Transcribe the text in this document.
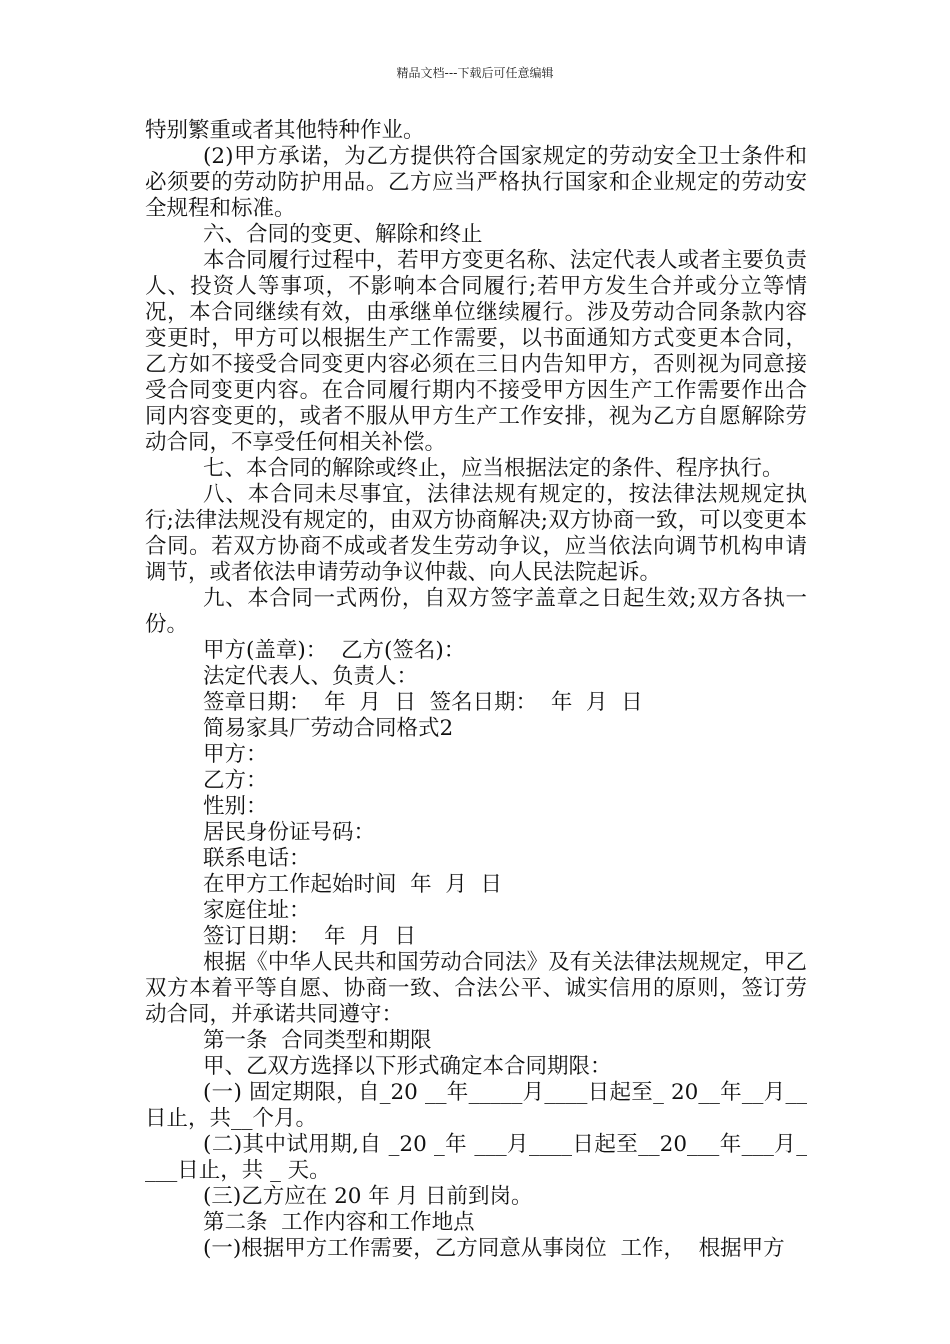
精品文档---下载后可任意编辑

特别繁重或者其他特种作业。

(2)甲方承诺，为乙方提供符合国家规定的劳动安全卫士条件和必须要的劳动防护用品。乙方应当严格执行国家和企业规定的劳动安全规程和标准。

六、合同的变更、解除和终止

本合同履行过程中，若甲方变更名称、法定代表人或者主要负责人、投资人等事项，不影响本合同履行;若甲方发生合并或分立等情况，本合同继续有效，由承继单位继续履行。涉及劳动合同条款内容变更时，甲方可以根据生产工作需要，以书面通知方式变更本合同，乙方如不接受合同变更内容必须在三日内告知甲方，否则视为同意接受合同变更内容。在合同履行期内不接受甲方因生产工作需要作出合同内容变更的，或者不服从甲方生产工作安排，视为乙方自愿解除劳动合同，不享受任何相关补偿。

七、本合同的解除或终止，应当根据法定的条件、程序执行。

八、本合同未尽事宜，法律法规有规定的，按法律法规规定执行;法律法规没有规定的，由双方协商解决;双方协商一致，可以变更本合同。若双方协商不成或者发生劳动争议，应当依法向调节机构申请调节，或者依法申请劳动争议仲裁、向人民法院起诉。

九、本合同一式两份，自双方签字盖章之日起生效;双方各执一份。

甲方(盖章)：  乙方(签名)：

法定代表人、负责人：

签章日期：  年  月  日  签名日期：  年  月  日

简易家具厂劳动合同格式2

甲方：

乙方：

性别：

居民身份证号码：

联系电话：

在甲方工作起始时间  年  月  日

家庭住址：

签订日期：  年  月  日

根据《中华人民共和国劳动合同法》及有关法律法规规定，甲乙双方本着平等自愿、协商一致、合法公平、诚实信用的原则，签订劳动合同，并承诺共同遵守：

第一条  合同类型和期限

甲、乙双方选择以下形式确定本合同期限：

(一) 固定期限，自_20 __年_____月____日起至_ 20__年__月__日止，共__个月。

(二)其中试用期,自 _20 _年 ___月____日起至__20___年___月____日止，共 _ 天。

(三)乙方应在 20 年 月 日前到岗。

第二条  工作内容和工作地点

(一)根据甲方工作需要，乙方同意从事岗位  工作，  根据甲方
